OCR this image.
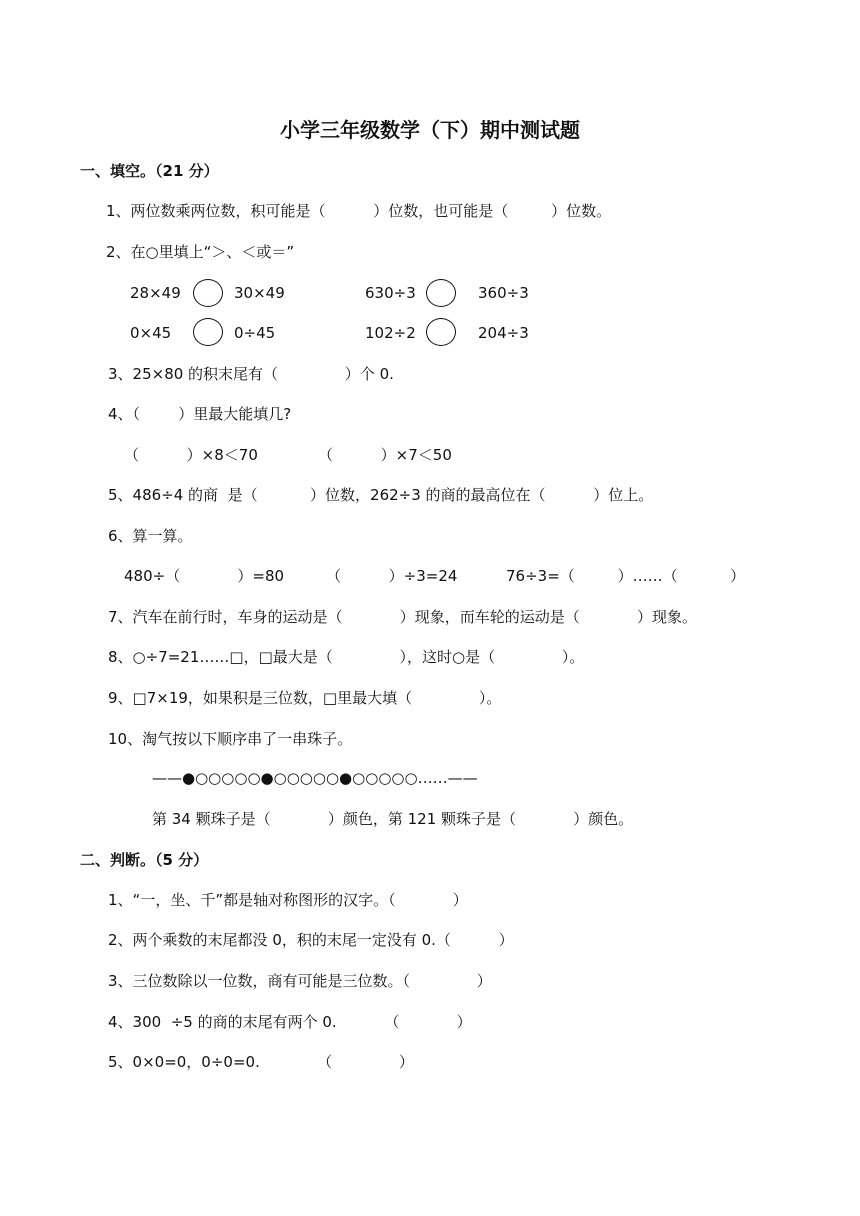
小学三年级数学（下）期中测试题
一、填空。（21 分）
1、两位数乘两位数，积可能是（          ）位数，也可能是（         ）位数。
2、在○里填上“＞、＜或＝”
28×49	30×49	630÷3	360÷3
0×45	0÷45	102÷2	204÷3
3、25×80 的积末尾有（              ）个 0.
4、（        ）里最大能填几?
（          ）×8＜70	（          ）×7＜50
5、486÷4 的商  是（           ）位数，262÷3 的商的最高位在（          ）位上。
6、算一算。
480÷（            ）=80	（          ）÷3=24	76÷3=（         ）……（           ）
7、汽车在前行时，车身的运动是（            ）现象，而车轮的运动是（            ）现象。
8、○÷7=21……□，□最大是（              ），这时○是（              ）。
9、□7×19，如果积是三位数，□里最大填（              ）。
10、淘气按以下顺序串了一串珠子。
——●○○○○○●○○○○○●○○○○○……——
第 34 颗珠子是（            ）颜色，第 121 颗珠子是（            ）颜色。
二、判断。（5 分）
1、“一，坐、千”都是轴对称图形的汉字。（            ）
2、两个乘数的末尾都没 0，积的末尾一定没有 0.（          ）
3、三位数除以一位数，商有可能是三位数。（              ）
4、300  ÷5 的商的末尾有两个 0.          （            ）
5、0×0=0，0÷0=0.            （              ）
